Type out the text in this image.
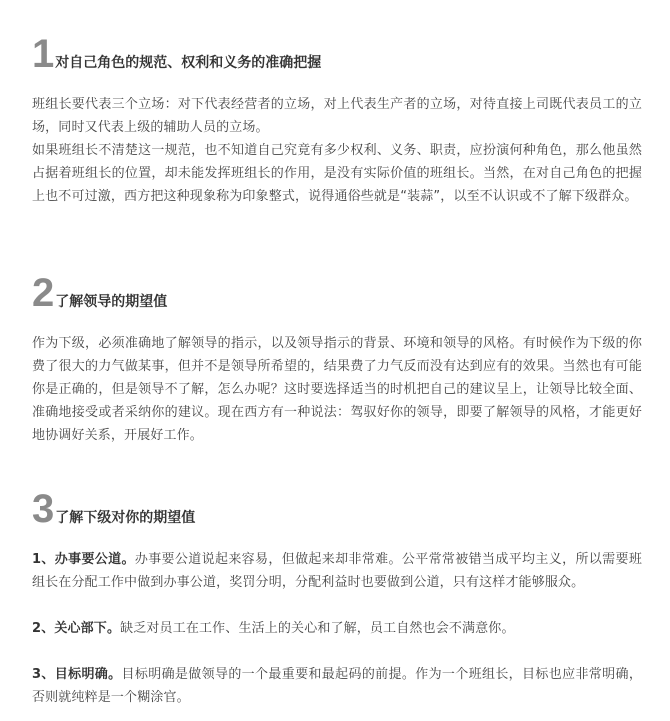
1 对自己角色的规范、权利和义务的准确把握

班组长要代表三个立场：对下代表经营者的立场，对上代表生产者的立场，对待直接上司既代表员工的立场，同时又代表上级的辅助人员的立场。

如果班组长不清楚这一规范，也不知道自己究竟有多少权利、义务、职责，应扮演何种角色，那么他虽然占据着班组长的位置，却未能发挥班组长的作用，是没有实际价值的班组长。当然，在对自己角色的把握上也不可过激，西方把这种现象称为印象整式，说得通俗些就是“装蒜”，以至不认识或不了解下级群众。

2 了解领导的期望值

作为下级，必须准确地了解领导的指示，以及领导指示的背景、环境和领导的风格。有时候作为下级的你费了很大的力气做某事，但并不是领导所希望的，结果费了力气反而没有达到应有的效果。当然也有可能你是正确的，但是领导不了解，怎么办呢？这时要选择适当的时机把自己的建议呈上，让领导比较全面、准确地接受或者采纳你的建议。现在西方有一种说法：驾驭好你的领导，即要了解领导的风格，才能更好地协调好关系，开展好工作。

3 了解下级对你的期望值

1、办事要公道。办事要公道说起来容易，但做起来却非常难。公平常常被错当成平均主义，所以需要班组长在分配工作中做到办事公道，奖罚分明，分配利益时也要做到公道，只有这样才能够服众。

2、关心部下。缺乏对员工在工作、生活上的关心和了解，员工自然也会不满意你。

3、目标明确。目标明确是做领导的一个最重要和最起码的前提。作为一个班组长，目标也应非常明确，否则就纯粹是一个糊涂官。
